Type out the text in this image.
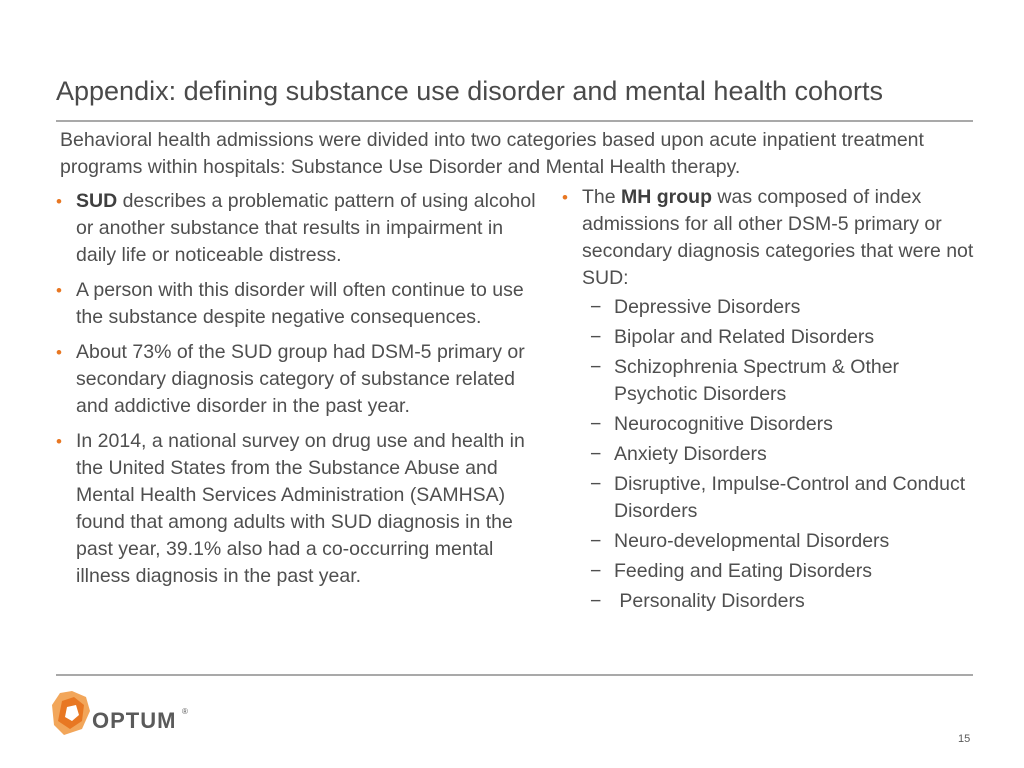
Appendix: defining substance use disorder and mental health cohorts
Behavioral health admissions were divided into two categories based upon acute inpatient treatment programs within hospitals: Substance Use Disorder and Mental Health therapy.
• SUD describes a problematic pattern of using alcohol or another substance that results in impairment in daily life or noticeable distress.
• A person with this disorder will often continue to use the substance despite negative consequences.
• About 73% of the SUD group had DSM-5 primary or secondary diagnosis category of substance related and addictive disorder in the past year.
• In 2014, a national survey on drug use and health in the United States from the Substance Abuse and Mental Health Services Administration (SAMHSA) found that among adults with SUD diagnosis in the past year, 39.1% also had a co-occurring mental illness diagnosis in the past year.
• The MH group was composed of index admissions for all other DSM-5 primary or secondary diagnosis categories that were not SUD:
− Depressive Disorders
− Bipolar and Related Disorders
− Schizophrenia Spectrum & Other Psychotic Disorders
− Neurocognitive Disorders
− Anxiety Disorders
− Disruptive, Impulse-Control and Conduct Disorders
− Neuro-developmental Disorders
− Feeding and Eating Disorders
− Personality Disorders
OPTUM ®
15
